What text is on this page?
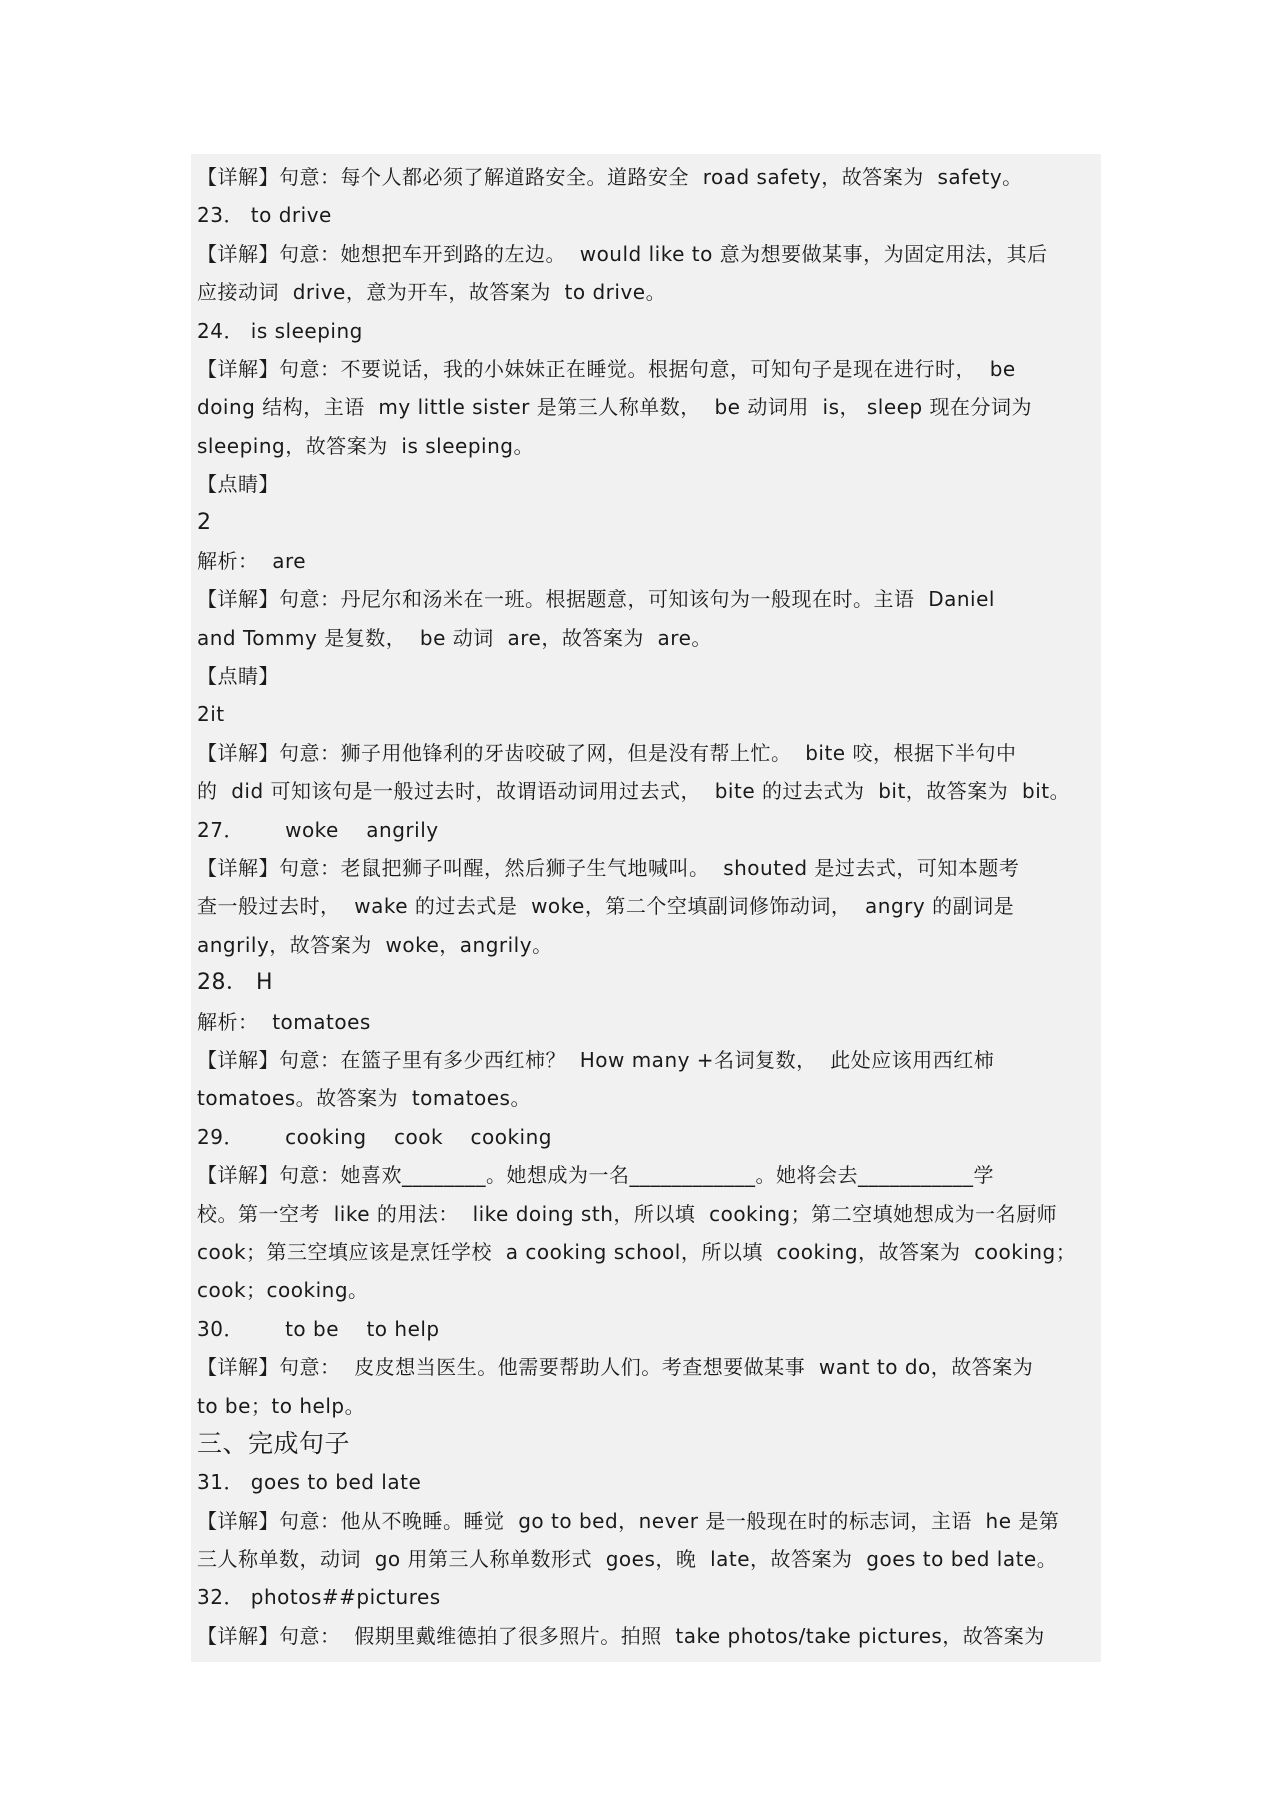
【详解】句意：每个人都必须了解道路安全。道路安全  road safety，故答案为  safety。
23． to drive
【详解】句意：她想把车开到路的左边。  would like to 意为想要做某事，为固定用法，其后
应接动词  drive，意为开车，故答案为  to drive。
24． is sleeping
【详解】句意：不要说话，我的小妹妹正在睡觉。根据句意，可知句子是现在进行时，  be
doing 结构，主语  my little sister 是第三人称单数，  be 动词用  is， sleep 现在分词为
sleeping，故答案为  is sleeping。
【点睛】
2
解析：  are
【详解】句意：丹尼尔和汤米在一班。根据题意，可知该句为一般现在时。主语  Daniel
and Tommy 是复数，  be 动词  are，故答案为  are。
【点睛】
2it
【详解】句意：狮子用他锋利的牙齿咬破了网，但是没有帮上忙。  bite 咬，根据下半句中
的  did 可知该句是一般过去时，故谓语动词用过去式，  bite 的过去式为  bit，故答案为  bit。
27．      woke    angrily
【详解】句意：老鼠把狮子叫醒，然后狮子生气地喊叫。  shouted 是过去式，可知本题考
查一般过去时，  wake 的过去式是  woke，第二个空填副词修饰动词，  angry 的副词是
angrily，故答案为  woke，angrily。
28． H
解析：  tomatoes
【详解】句意：在篮子里有多少西红柿？  How many +名词复数，  此处应该用西红柿
tomatoes。故答案为  tomatoes。
29．      cooking    cook    cooking
【详解】句意：她喜欢________。她想成为一名____________。她将会去___________学
校。第一空考  like 的用法：  like doing sth，所以填  cooking；第二空填她想成为一名厨师
cook；第三空填应该是烹饪学校  a cooking school，所以填  cooking，故答案为  cooking；
cook；cooking。
30．      to be    to help
【详解】句意：  皮皮想当医生。他需要帮助人们。考查想要做某事  want to do，故答案为
to be；to help。
三、完成句子
31． goes to bed late
【详解】句意：他从不晚睡。睡觉  go to bed，never 是一般现在时的标志词，主语  he 是第
三人称单数，动词  go 用第三人称单数形式  goes，晚  late，故答案为  goes to bed late。
32． photos##pictures
【详解】句意：  假期里戴维德拍了很多照片。拍照  take photos/take pictures，故答案为
